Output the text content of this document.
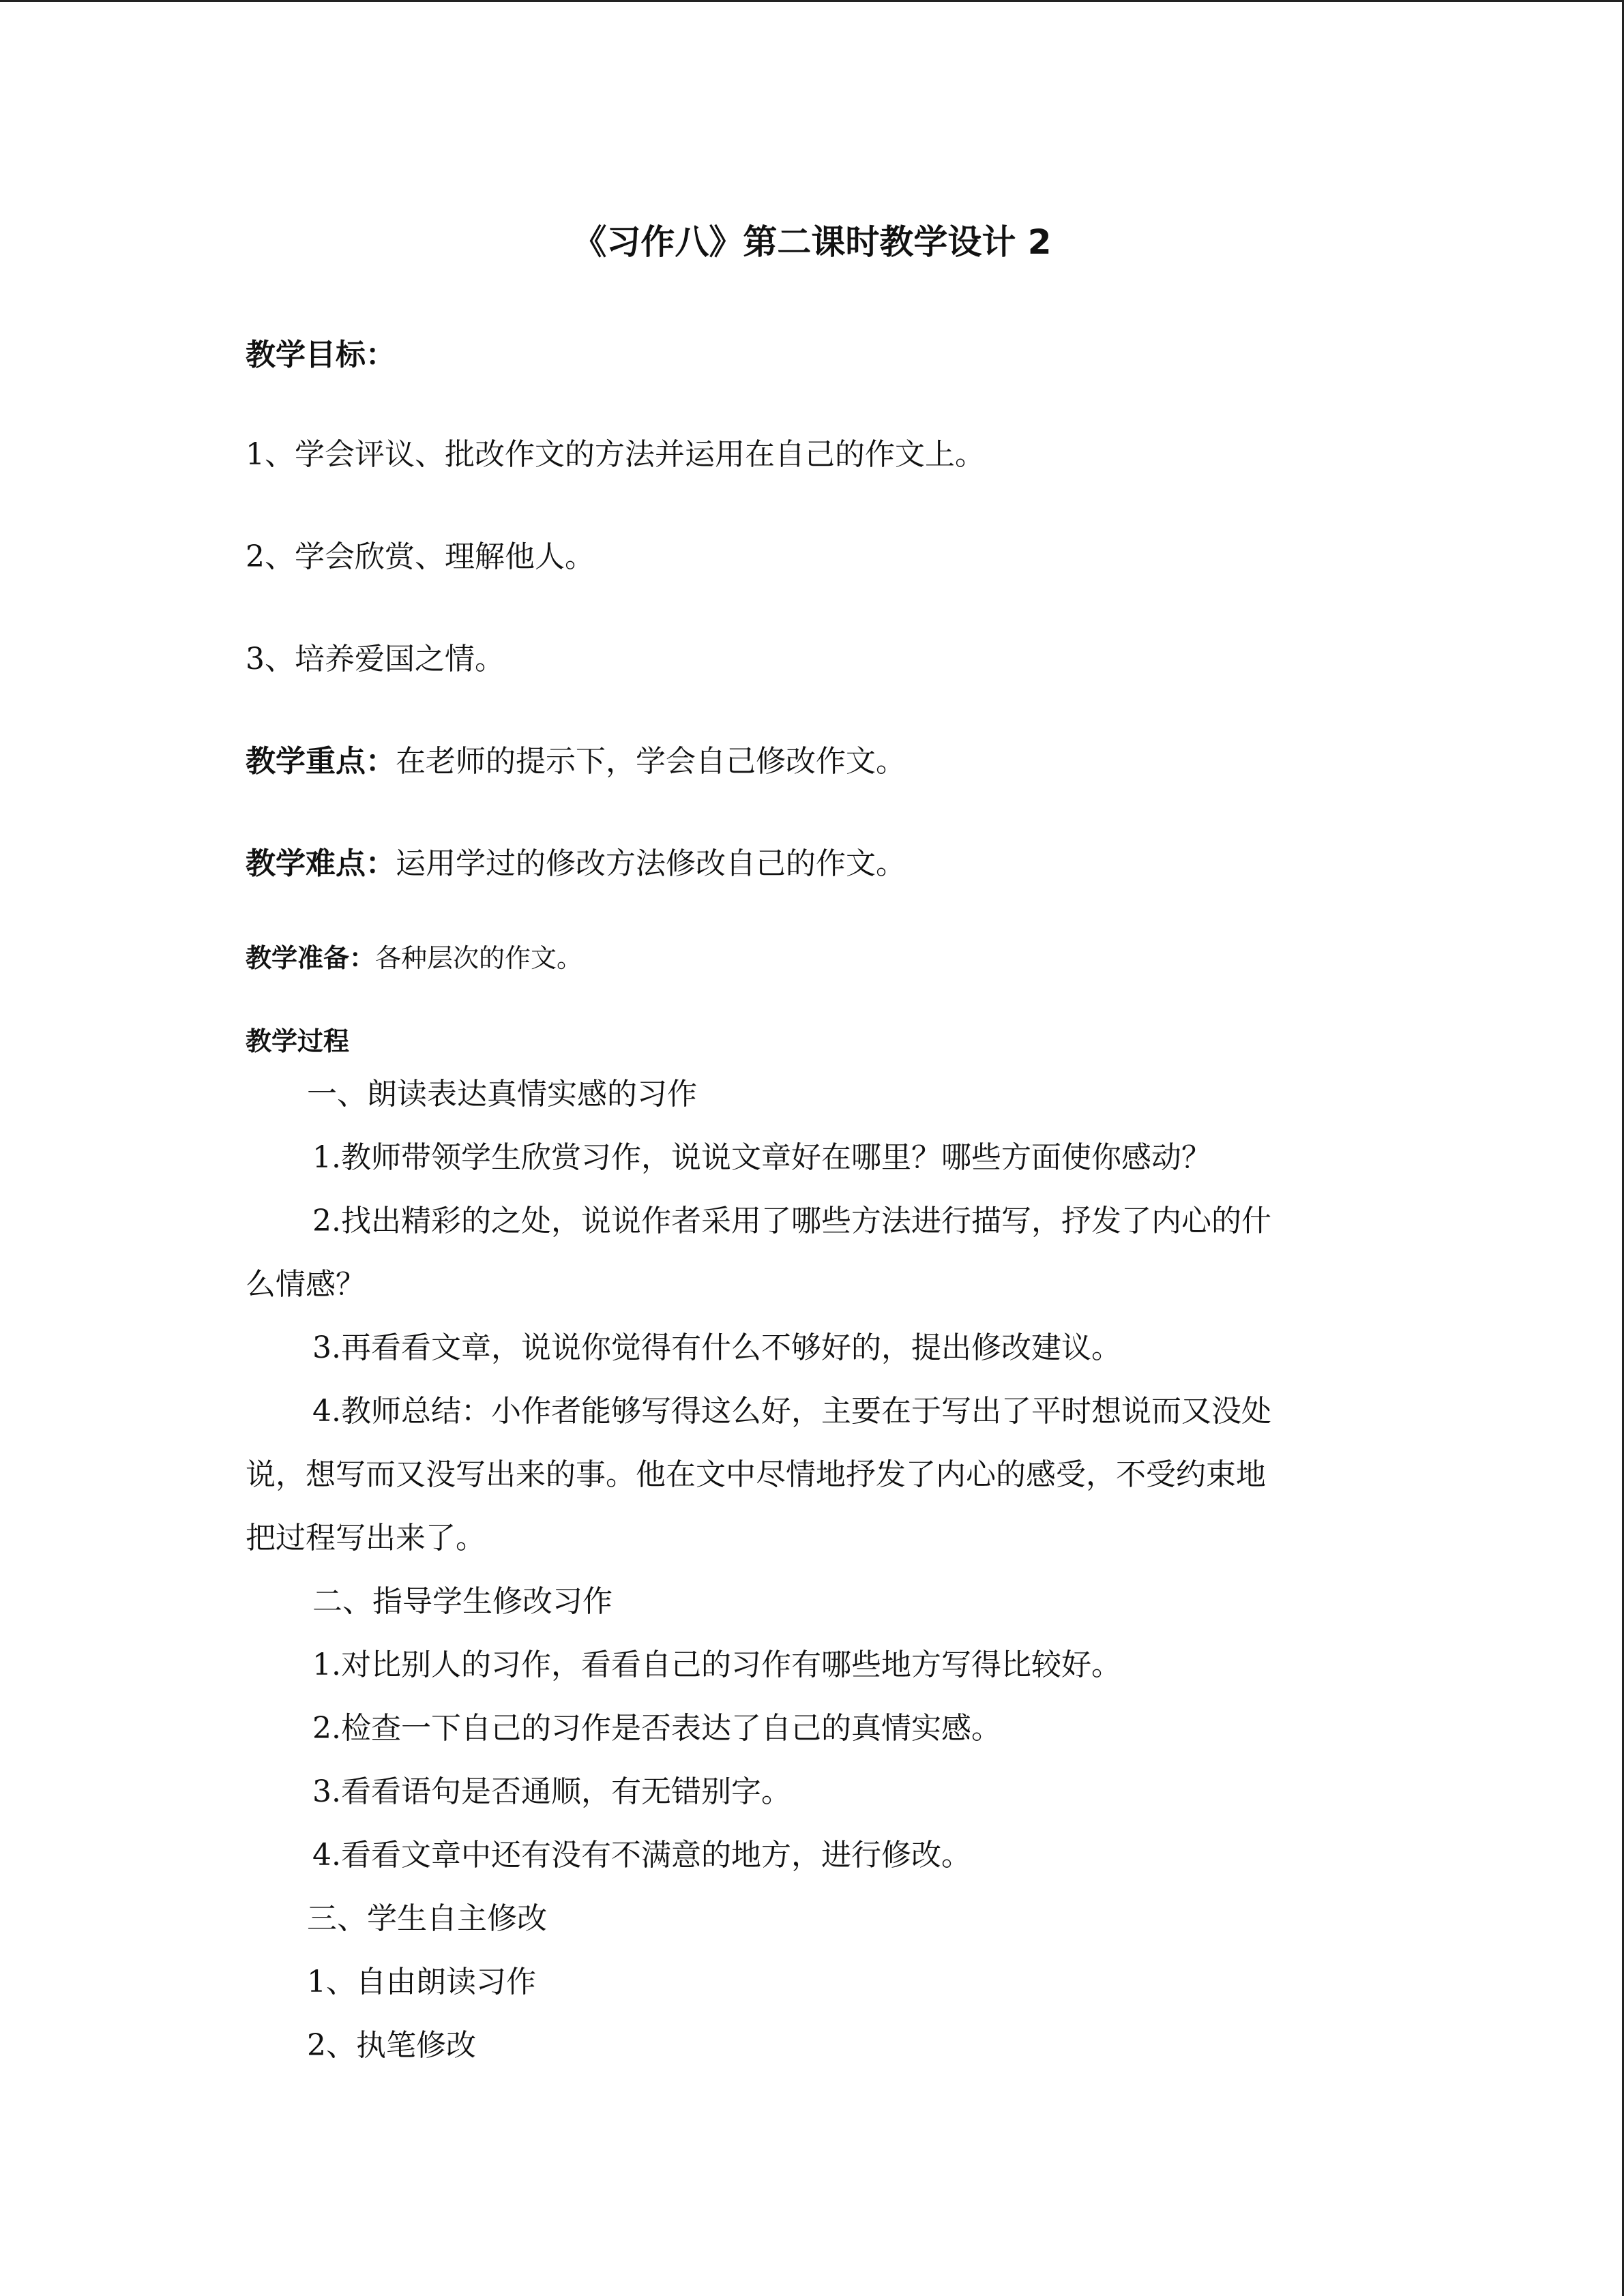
《习作八》第二课时教学设计 2
教学目标：
1、学会评议、批改作文的方法并运用在自己的作文上。
2、学会欣赏、理解他人。
3、培养爱国之情。
教学重点：在老师的提示下，学会自己修改作文。
教学难点：运用学过的修改方法修改自己的作文。
教学准备：各种层次的作文。
教学过程
一、朗读表达真情实感的习作
1.教师带领学生欣赏习作，说说文章好在哪里？哪些方面使你感动？
2.找出精彩的之处，说说作者采用了哪些方法进行描写，抒发了内心的什
么情感？
3.再看看文章，说说你觉得有什么不够好的，提出修改建议。
4.教师总结：小作者能够写得这么好，主要在于写出了平时想说而又没处
说，想写而又没写出来的事。他在文中尽情地抒发了内心的感受，不受约束地
把过程写出来了。
二、指导学生修改习作
1.对比别人的习作，看看自己的习作有哪些地方写得比较好。
2.检查一下自己的习作是否表达了自己的真情实感。
3.看看语句是否通顺，有无错别字。
4.看看文章中还有没有不满意的地方，进行修改。
三、学生自主修改
1、自由朗读习作
2、执笔修改
